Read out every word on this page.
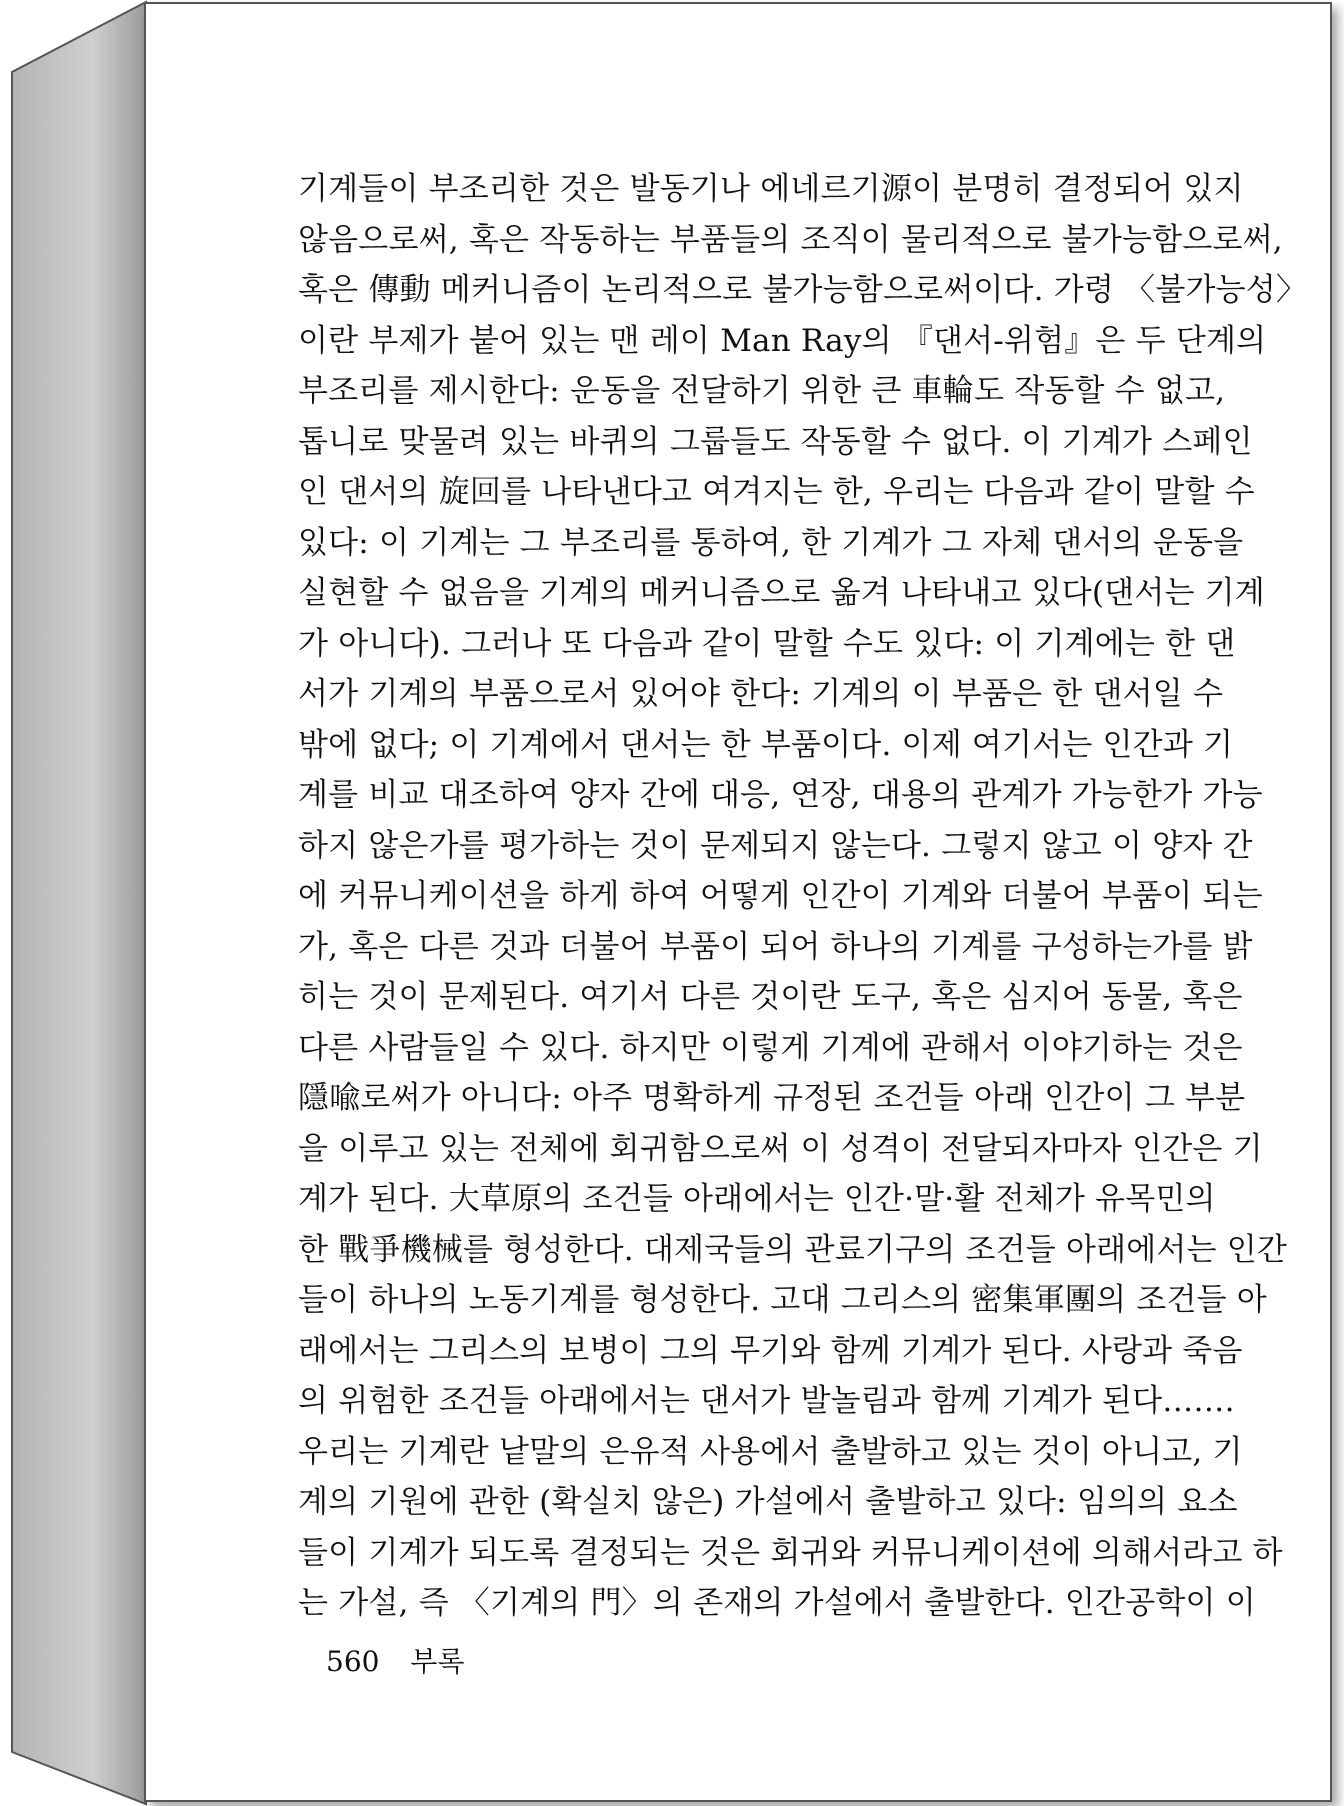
기계들이 부조리한 것은 발동기나 에네르기源이 분명히 결정되어 있지
않음으로써, 혹은 작동하는 부품들의 조직이 물리적으로 불가능함으로써,
혹은 傳動 메커니즘이 논리적으로 불가능함으로써이다. 가령 〈불가능성〉
이란 부제가 붙어 있는 맨 레이 Man Ray의 『댄서-위험』은 두 단계의
부조리를 제시한다: 운동을 전달하기 위한 큰 車輪도 작동할 수 없고,
톱니로 맞물려 있는 바퀴의 그룹들도 작동할 수 없다. 이 기계가 스페인
인 댄서의 旋回를 나타낸다고 여겨지는 한, 우리는 다음과 같이 말할 수
있다: 이 기계는 그 부조리를 통하여, 한 기계가 그 자체 댄서의 운동을
실현할 수 없음을 기계의 메커니즘으로 옮겨 나타내고 있다(댄서는 기계
가 아니다). 그러나 또 다음과 같이 말할 수도 있다: 이 기계에는 한 댄
서가 기계의 부품으로서 있어야 한다: 기계의 이 부품은 한 댄서일 수
밖에 없다; 이 기계에서 댄서는 한 부품이다. 이제 여기서는 인간과 기
계를 비교 대조하여 양자 간에 대응, 연장, 대용의 관계가 가능한가 가능
하지 않은가를 평가하는 것이 문제되지 않는다. 그렇지 않고 이 양자 간
에 커뮤니케이션을 하게 하여 어떻게 인간이 기계와 더불어 부품이 되는
가, 혹은 다른 것과 더불어 부품이 되어 하나의 기계를 구성하는가를 밝
히는 것이 문제된다. 여기서 다른 것이란 도구, 혹은 심지어 동물, 혹은
다른 사람들일 수 있다. 하지만 이렇게 기계에 관해서 이야기하는 것은
隱喩로써가 아니다: 아주 명확하게 규정된 조건들 아래 인간이 그 부분
을 이루고 있는 전체에 회귀함으로써 이 성격이 전달되자마자 인간은 기
계가 된다. 大草原의 조건들 아래에서는 인간·말·활 전체가 유목민의
한 戰爭機械를 형성한다. 대제국들의 관료기구의 조건들 아래에서는 인간
들이 하나의 노동기계를 형성한다. 고대 그리스의 密集軍團의 조건들 아
래에서는 그리스의 보병이 그의 무기와 함께 기계가 된다. 사랑과 죽음
의 위험한 조건들 아래에서는 댄서가 발놀림과 함께 기계가 된다…….
우리는 기계란 낱말의 은유적 사용에서 출발하고 있는 것이 아니고, 기
계의 기원에 관한 (확실치 않은) 가설에서 출발하고 있다: 임의의 요소
들이 기계가 되도록 결정되는 것은 회귀와 커뮤니케이션에 의해서라고 하
는 가설, 즉 〈기계의 門〉의 존재의 가설에서 출발한다. 인간공학이 이
560 부록
